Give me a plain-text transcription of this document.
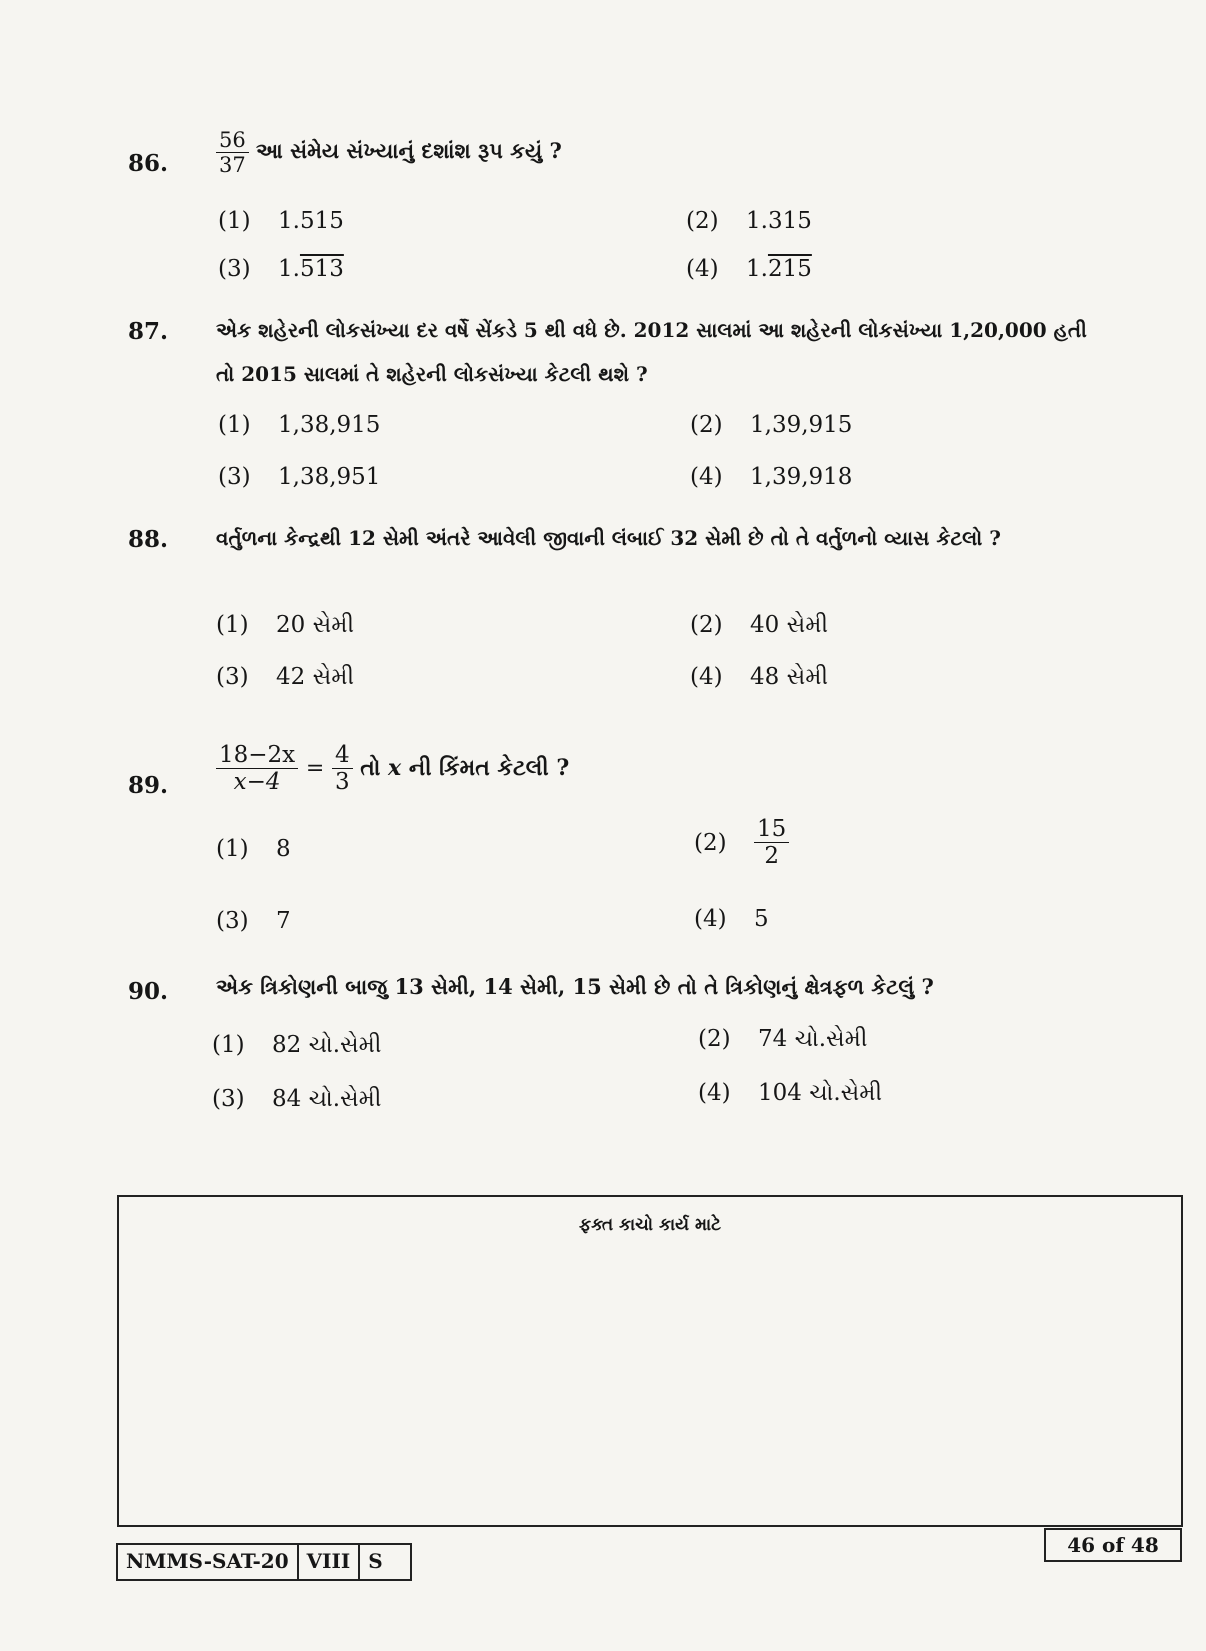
86. $\frac{56}{37}$ આ સંમેય સંખ્યાનું દશાંશ રૂપ કયું ?
(1) 1.515	(2) 1.315
(3) 1.513	(4) 1.215
87. એક શહેરની લોકસંખ્યા દર વર્ષે સેંકડે 5 થી વધે છે. 2012 સાલમાં આ શહેરની લોકસંખ્યા 1,20,000 હતી
તો 2015 સાલમાં તે શહેરની લોકસંખ્યા કેટલી થશે ?
(1) 1,38,915	(2) 1,39,915
(3) 1,38,951	(4) 1,39,918
88. વર્તુળના કેન્દ્રથી 12 સેમી અંતરે આવેલી જીવાની લંબાઈ 32 સેમી છે તો તે વર્તુળનો વ્યાસ કેટલો ?
(1) 20 સેમી	(2) 40 સેમી
(3) 42 સેમી	(4) 48 સેમી
89. $\frac{18-2x}{x-4} = \frac{4}{3}$ તો x ની કિંમત કેટલી ?
(1) 8	$(2) \frac{15}{2}$
(3) 7	(4) 5
90. એક ત્રિકોણની બાજુ 13 સેમી, 14 સેમી, 15 સેમી છે તો તે ત્રિકોણનું ક્ષેત્રફળ કેટલું ?
(1) 82 ચો.સેમી	(2) 74 ચો.સેમી
(3) 84 ચો.સેમી	(4) 104 ચો.સેમી
ફક્ત કાચો કાર્ય માટે
NMMS-SAT-20 VIII S
46 of 48
